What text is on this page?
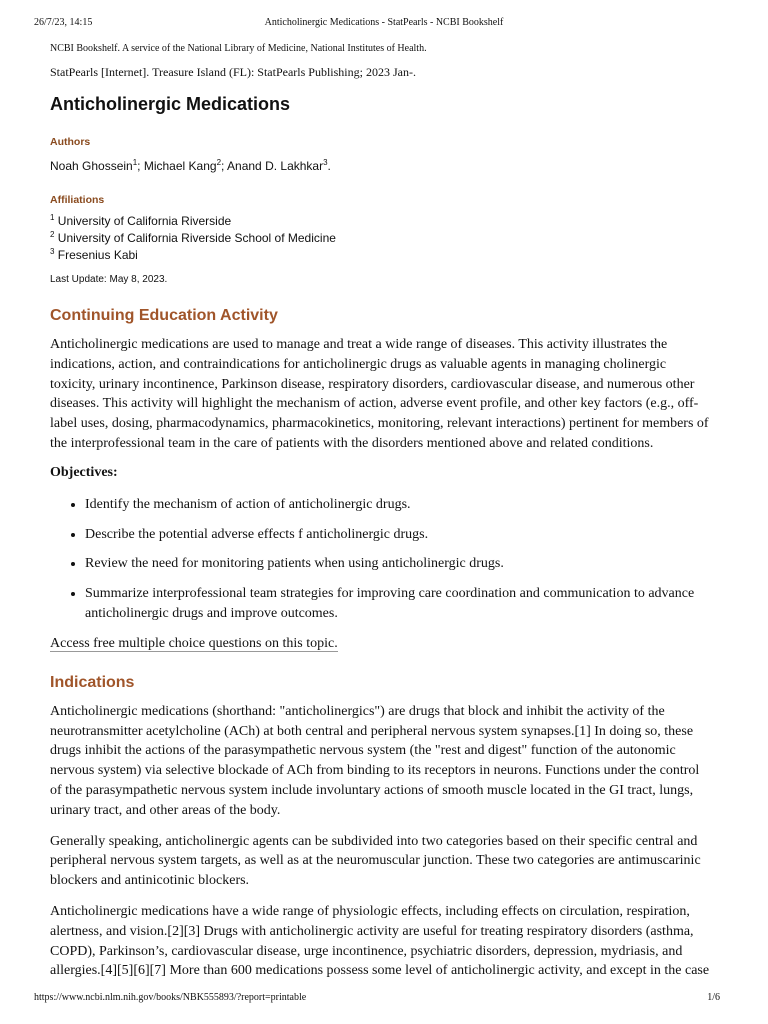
26/7/23, 14:15	Anticholinergic Medications - StatPearls - NCBI Bookshelf

NCBI Bookshelf. A service of the National Library of Medicine, National Institutes of Health.

StatPearls [Internet]. Treasure Island (FL): StatPearls Publishing; 2023 Jan-.

Anticholinergic Medications
Authors

Noah Ghossein$^1$; Michael Kang$^2$; Anand D. Lakhkar$^3$.

Affiliations
$^1$ University of California Riverside
$^2$ University of California Riverside School of Medicine
$^3$ Fresenius Kabi

Last Update: May 8, 2023.

Continuing Education Activity

Anticholinergic medications are used to manage and treat a wide range of diseases. This activity illustrates the indications, action, and contraindications for anticholinergic drugs as valuable agents in managing cholinergic toxicity, urinary incontinence, Parkinson disease, respiratory disorders, cardiovascular disease, and numerous other diseases. This activity will highlight the mechanism of action, adverse event profile, and other key factors (e.g., off-label uses, dosing, pharmacodynamics, pharmacokinetics, monitoring, relevant interactions) pertinent for members of the interprofessional team in the care of patients with the disorders mentioned above and related conditions.

Objectives:
• Identify the mechanism of action of anticholinergic drugs.
• Describe the potential adverse effects f anticholinergic drugs.
• Review the need for monitoring patients when using anticholinergic drugs.
• Summarize interprofessional team strategies for improving care coordination and communication to advance anticholinergic drugs and improve outcomes.

Access free multiple choice questions on this topic.

Indications

Anticholinergic medications (shorthand: "anticholinergics") are drugs that block and inhibit the activity of the neurotransmitter acetylcholine (ACh) at both central and peripheral nervous system synapses.[1] In doing so, these drugs inhibit the actions of the parasympathetic nervous system (the "rest and digest" function of the autonomic nervous system) via selective blockade of ACh from binding to its receptors in neurons. Functions under the control of the parasympathetic nervous system include involuntary actions of smooth muscle located in the GI tract, lungs, urinary tract, and other areas of the body.

Generally speaking, anticholinergic agents can be subdivided into two categories based on their specific central and peripheral nervous system targets, as well as at the neuromuscular junction. These two categories are antimuscarinic blockers and antinicotinic blockers.

Anticholinergic medications have a wide range of physiologic effects, including effects on circulation, respiration, alertness, and vision.[2][3] Drugs with anticholinergic activity are useful for treating respiratory disorders (asthma, COPD), Parkinson’s, cardiovascular disease, urge incontinence, psychiatric disorders, depression, mydriasis, and allergies.[4][5][6][7] More than 600 medications possess some level of anticholinergic activity, and except in the case

https://www.ncbi.nlm.nih.gov/books/NBK555893/?report=printable	1/6
